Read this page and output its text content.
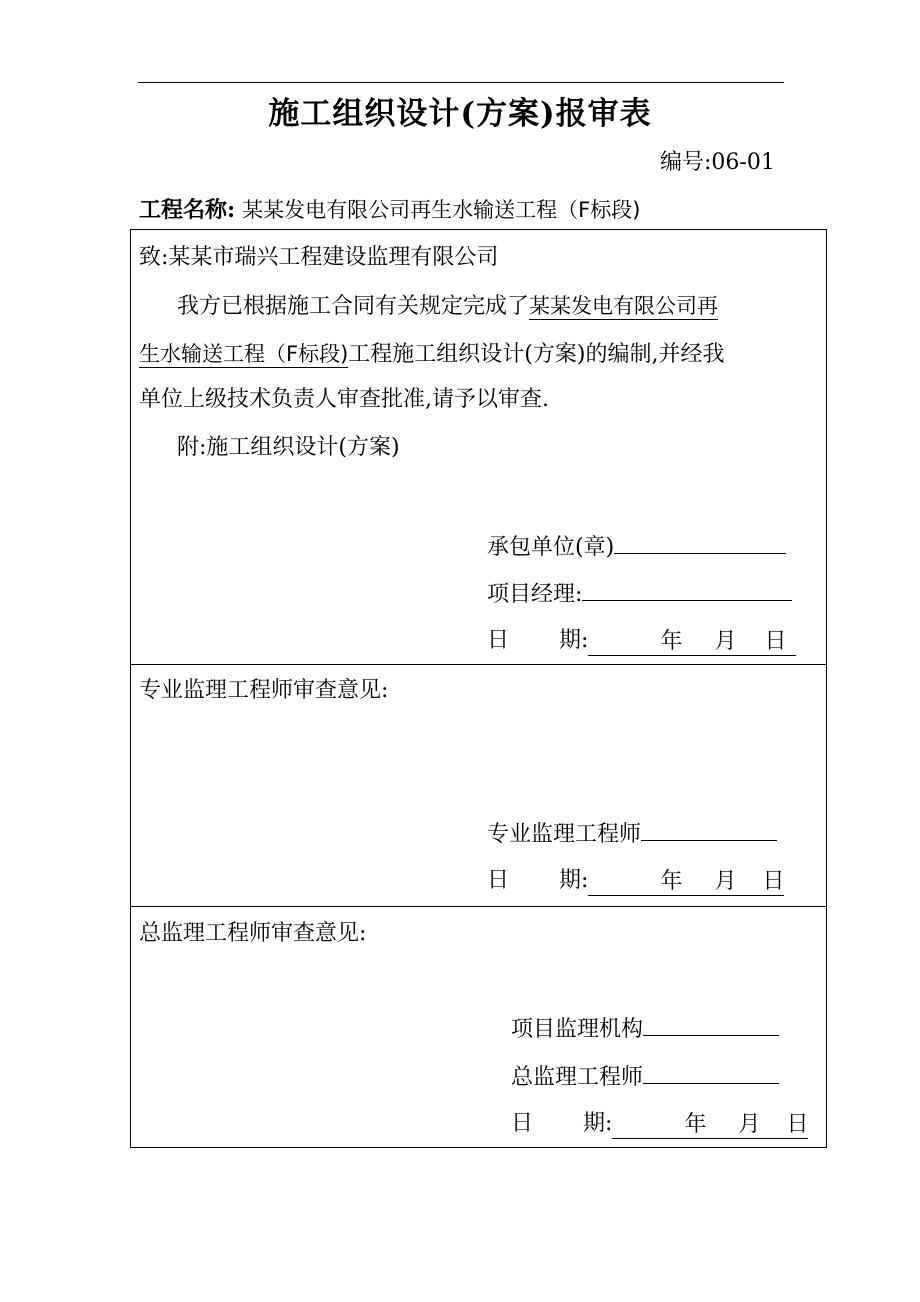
施工组织设计(方案)报审表
编号:06-01
工程名称: 某某发电有限公司再生水输送工程（F标段)
致:某某市瑞兴工程建设监理有限公司
我方已根据施工合同有关规定完成了某某发电有限公司再
生水输送工程（F标段)工程施工组织设计(方案)的编制,并经我
单位上级技术负责人审查批准,请予以审查.
附:施工组织设计(方案)
承包单位(章)
项目经理:
日 期:	年 月 日
专业监理工程师审查意见:
专业监理工程师
日 期:	年 月 日
总监理工程师审查意见:
项目监理机构
总监理工程师
日 期:	年 月 日
